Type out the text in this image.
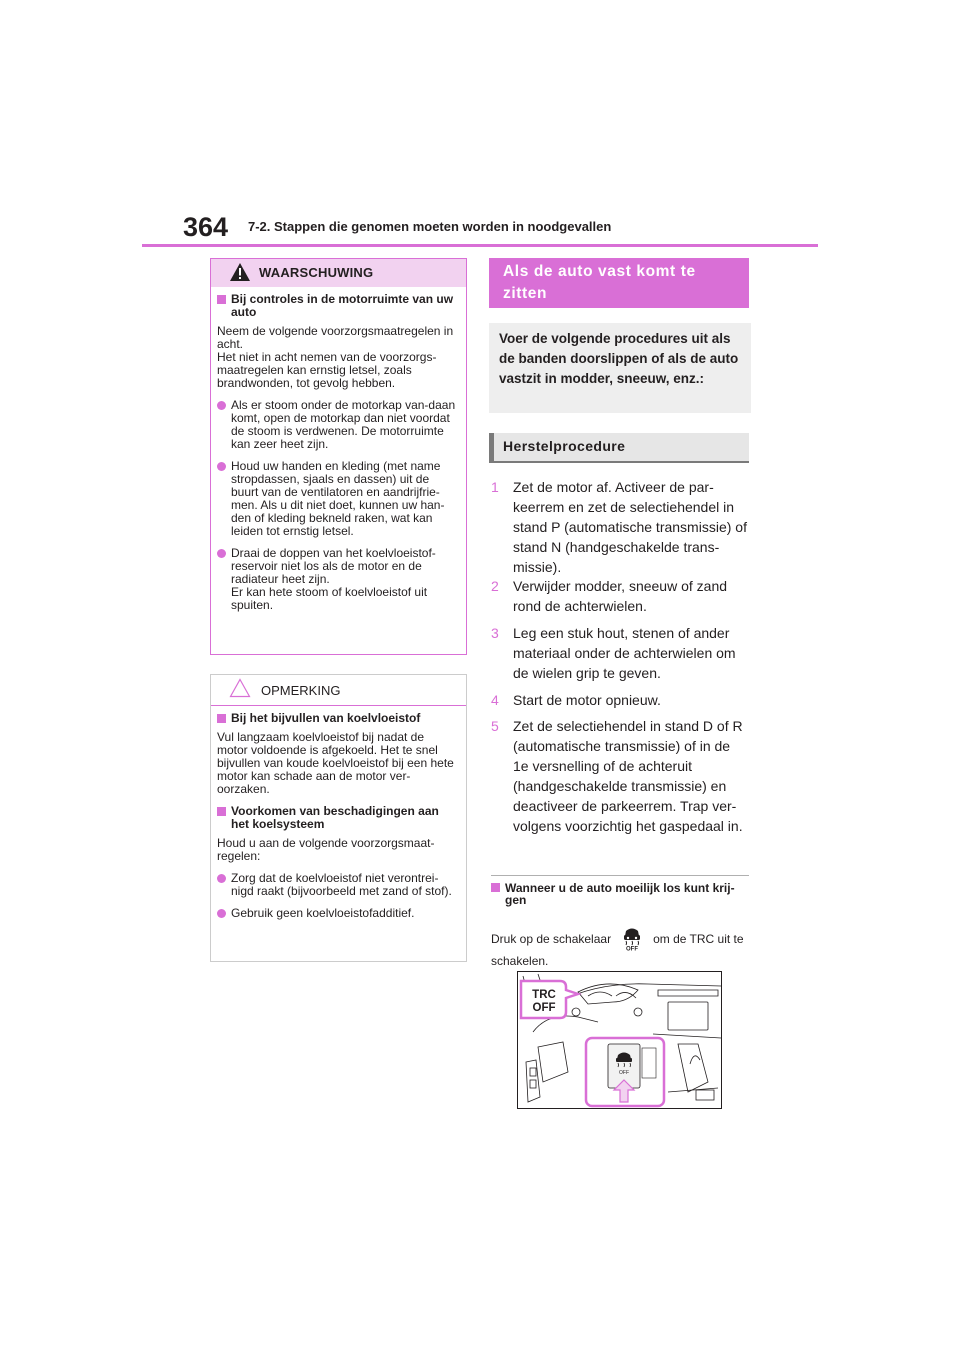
364 7-2. Stappen die genomen moeten worden in noodgevallen
WAARSCHUWING
Bij controles in de motorruimte van uw auto
Neem de volgende voorzorgsmaatregelen in acht.
Het niet in acht nemen van de voorzorgs-maatregelen kan ernstig letsel, zoals brandwonden, tot gevolg hebben.
Als er stoom onder de motorkap van-daan komt, open de motorkap dan niet voordat de stoom is verdwenen. De motorruimte kan zeer heet zijn.
Houd uw handen en kleding (met name stropdassen, sjaals en dassen) uit de buurt van de ventilatoren en aandrijfrie-men. Als u dit niet doet, kunnen uw han-den of kleding bekneld raken, wat kan leiden tot ernstig letsel.
Draai de doppen van het koelvloeistof-reservoir niet los als de motor en de radiateur heet zijn.
Er kan hete stoom of koelvloeistof uit spuiten.
OPMERKING
Bij het bijvullen van koelvloeistof
Vul langzaam koelvloeistof bij nadat de motor voldoende is afgekoeld. Het te snel bijvullen van koude koelvloeistof bij een hete motor kan schade aan de motor ver-oorzaken.
Voorkomen van beschadigingen aan het koelsysteem
Houd u aan de volgende voorzorgsmaat-regelen:
Zorg dat de koelvloeistof niet verontrei-nigd raakt (bijvoorbeeld met zand of stof).
Gebruik geen koelvloeistofadditief.
Als de auto vast komt te zitten
Voer de volgende procedures uit als de banden doorslippen of als de auto vastzit in modder, sneeuw, enz.:
Herstelprocedure
1	Zet de motor af. Activeer de par-keerrem en zet de selectiehendel in stand P (automatische transmissie) of stand N (handgeschakelde trans-missie).
2	Verwijder modder, sneeuw of zand rond de achterwielen.
3	Leg een stuk hout, stenen of ander materiaal onder de achterwielen om de wielen grip te geven.
4	Start de motor opnieuw.
5	Zet de selectiehendel in stand D of R (automatische transmissie) of in de 1e versnelling of de achteruit (handgeschakelde transmissie) en deactiveer de parkeerrem. Trap ver-volgens voorzichtig het gaspedaal in.
Wanneer u de auto moeilijk los kunt krij-gen
Druk op de schakelaar
OFF
om de TRC uit te schakelen.
TRC
OFF
OFF
